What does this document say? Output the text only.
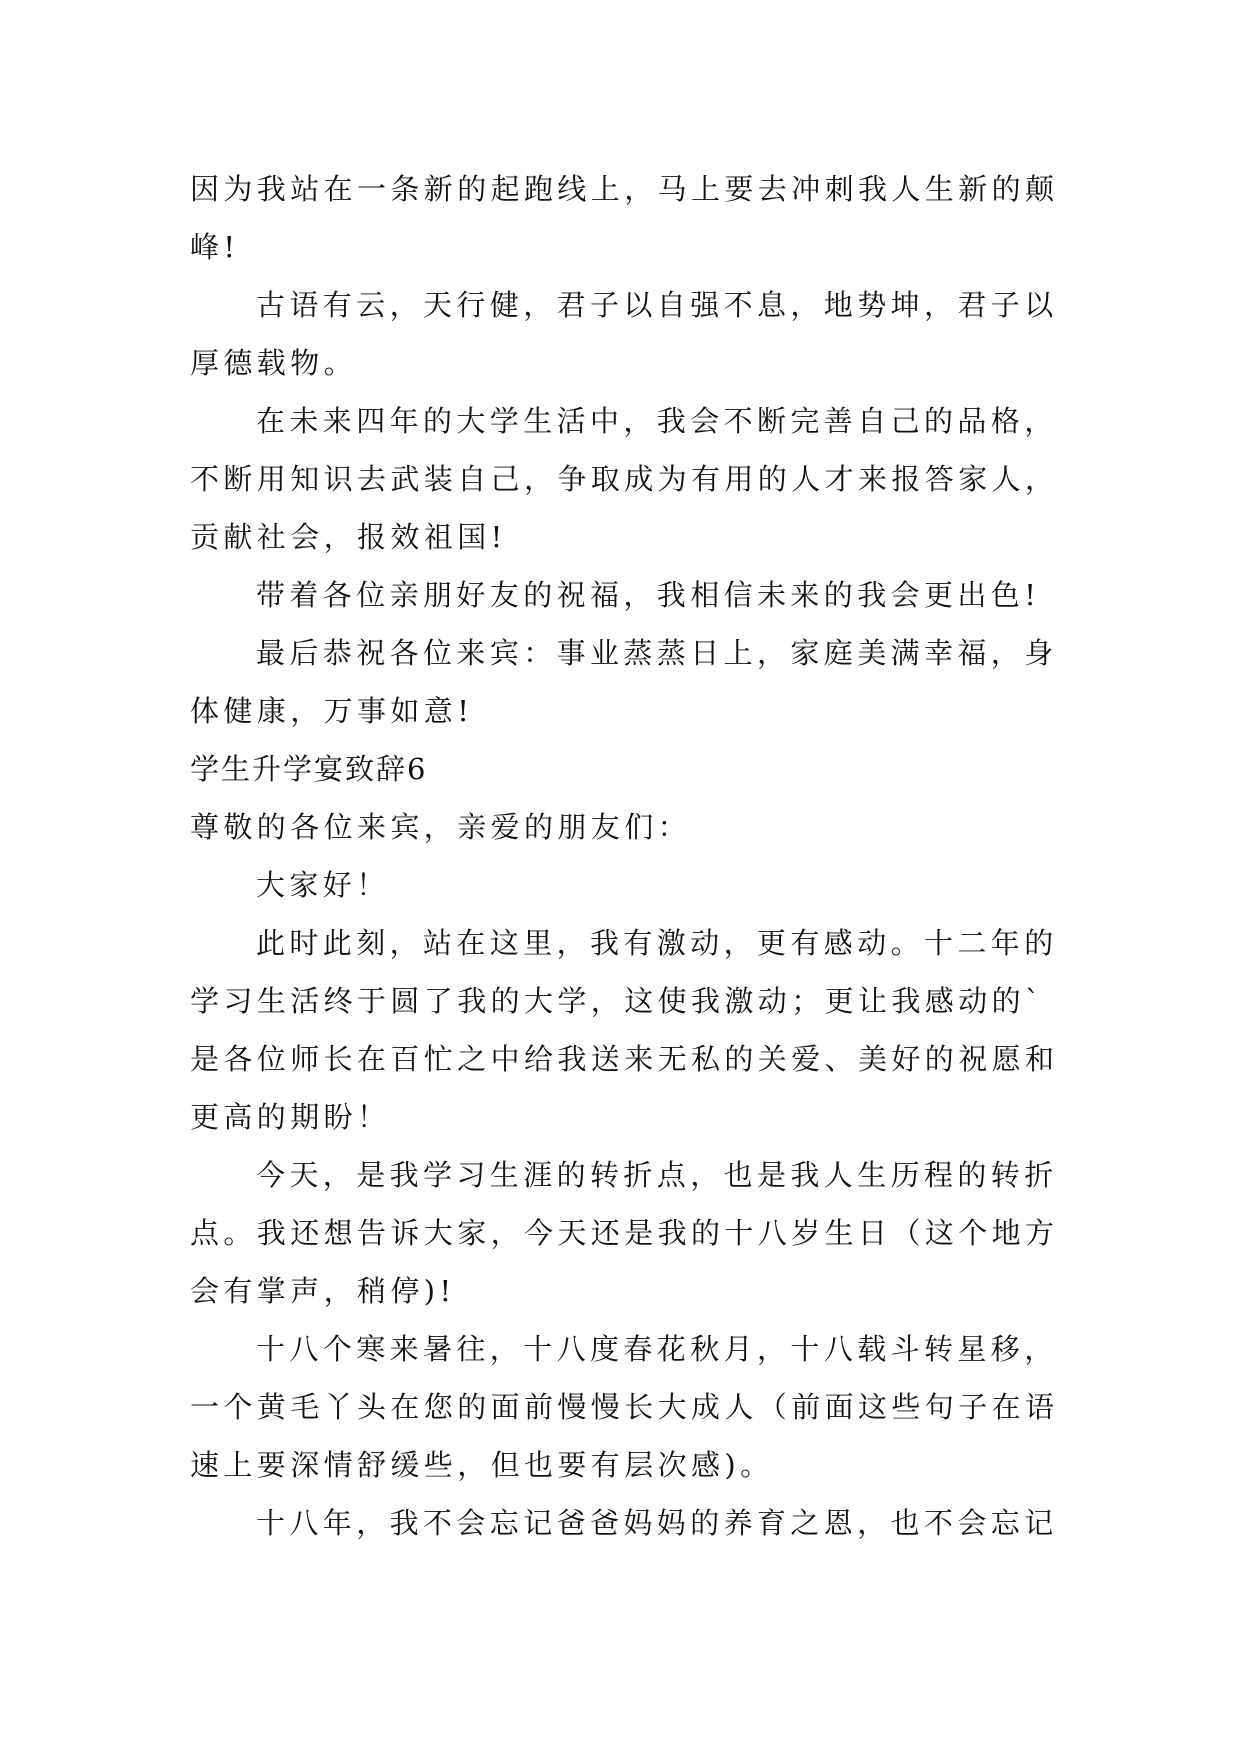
因为我站在一条新的起跑线上，马上要去冲刺我人生新的颠
峰!
古语有云，天行健，君子以自强不息，地势坤，君子以
厚德载物。
在未来四年的大学生活中，我会不断完善自己的品格，
不断用知识去武装自己，争取成为有用的人才来报答家人，
贡献社会，报效祖国!
带着各位亲朋好友的祝福，我相信未来的我会更出色!
最后恭祝各位来宾：事业蒸蒸日上，家庭美满幸福，身
体健康，万事如意!
学生升学宴致辞6
尊敬的各位来宾，亲爱的朋友们：
大家好！
此时此刻，站在这里，我有激动，更有感动。十二年的
学习生活终于圆了我的大学，这使我激动；更让我感动的`
是各位师长在百忙之中给我送来无私的关爱、美好的祝愿和
更高的期盼！
今天，是我学习生涯的转折点，也是我人生历程的转折
点。我还想告诉大家，今天还是我的十八岁生日（这个地方
会有掌声，稍停)!
十八个寒来暑往，十八度春花秋月，十八载斗转星移，
一个黄毛丫头在您的面前慢慢长大成人（前面这些句子在语
速上要深情舒缓些，但也要有层次感)。
十八年，我不会忘记爸爸妈妈的养育之恩，也不会忘记
